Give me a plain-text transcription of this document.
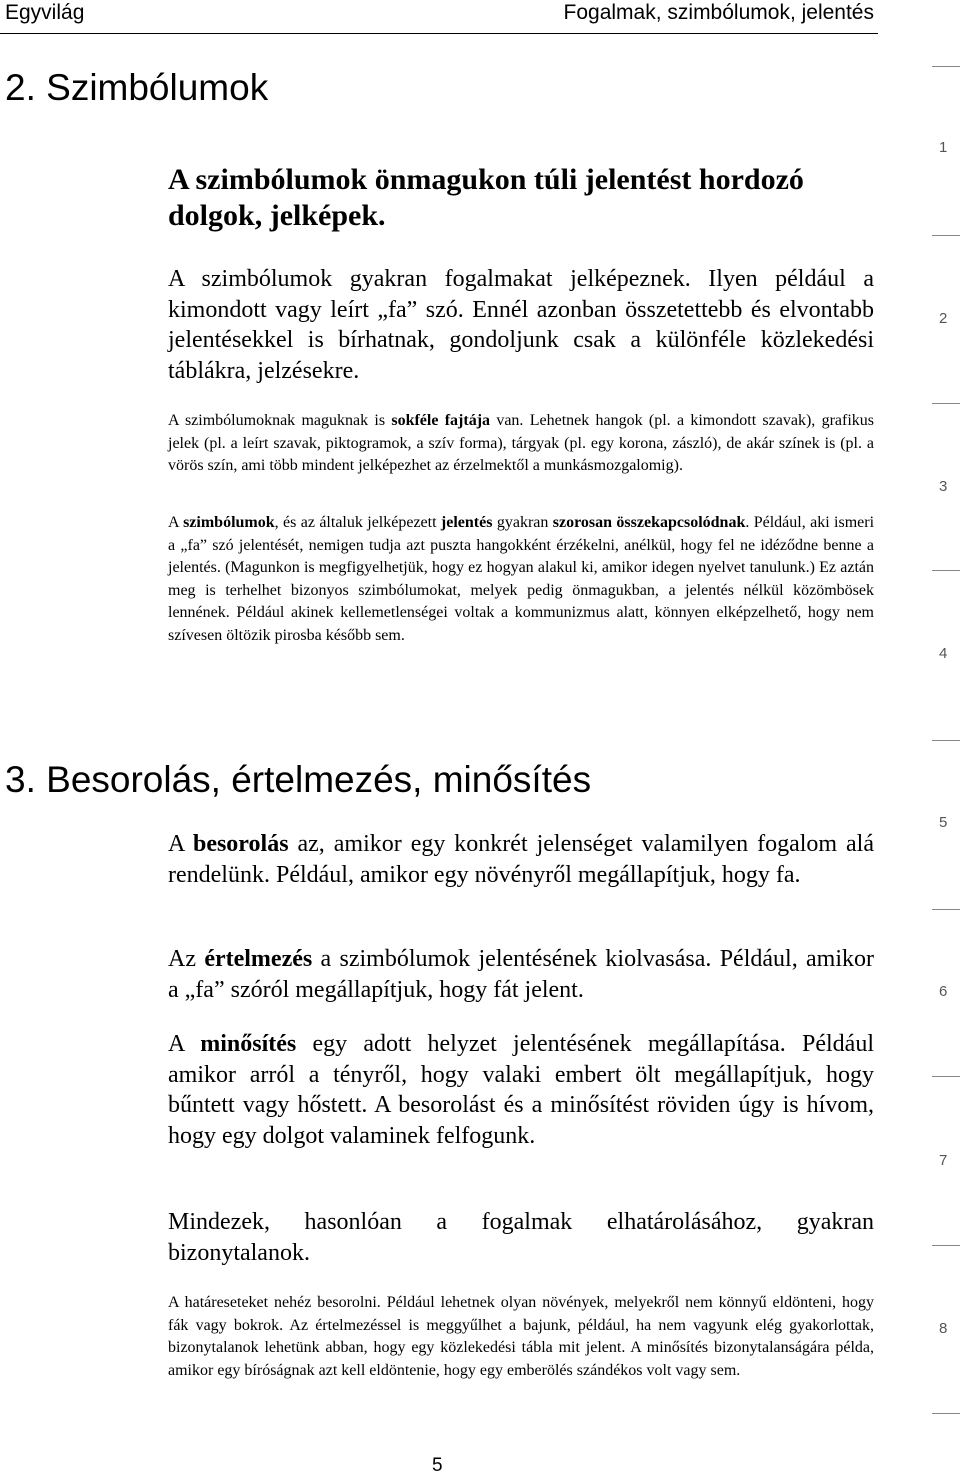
Egyvilág	Fogalmak, szimbólumok, jelentés
2. Szimbólumok

A szimbólumok önmagukon túli jelentést hordozó dolgok, jelképek.

A szimbólumok gyakran fogalmakat jelképeznek. Ilyen például a kimondott vagy leírt „fa” szó. Ennél azonban összetettebb és elvontabb jelentésekkel is bírhatnak, gondoljunk csak a különféle közlekedési táblákra, jelzésekre.

A szimbólumoknak maguknak is sokféle fajtája van. Lehetnek hangok (pl. a kimondott szavak), grafikus jelek (pl. a leírt szavak, piktogramok, a szív forma), tárgyak (pl. egy korona, zászló), de akár színek is (pl. a vörös szín, ami több mindent jelképezhet az érzelmektől a munkásmozgalomig).

A szimbólumok, és az általuk jelképezett jelentés gyakran szorosan összekapcsolódnak. Például, aki ismeri a „fa” szó jelentését, nemigen tudja azt puszta hangokként érzékelni, anélkül, hogy fel ne idéződne benne a jelentés. (Magunkon is megfigyelhetjük, hogy ez hogyan alakul ki, amikor idegen nyelvet tanulunk.) Ez aztán meg is terhelhet bizonyos szimbólumokat, melyek pedig önmagukban, a jelentés nélkül közömbösek lennének. Például akinek kellemetlenségei voltak a kommunizmus alatt, könnyen elképzelhető, hogy nem szívesen öltözik pirosba később sem.

3. Besorolás, értelmezés, minősítés

A besorolás az, amikor egy konkrét jelenséget valamilyen fogalom alá rendelünk. Például, amikor egy növényről megállapítjuk, hogy fa.

Az értelmezés a szimbólumok jelentésének kiolvasása. Például, amikor a „fa” szóról megállapítjuk, hogy fát jelent.

A minősítés egy adott helyzet jelentésének megállapítása. Például amikor arról a tényről, hogy valaki embert ölt megállapítjuk, hogy bűntett vagy hőstett. A besorolást és a minősítést röviden úgy is hívom, hogy egy dolgot valaminek felfogunk.

Mindezek, hasonlóan a fogalmak elhatárolásához, gyakran bizonytalanok.

A határeseteket nehéz besorolni. Például lehetnek olyan növények, melyekről nem könnyű eldönteni, hogy fák vagy bokrok. Az értelmezéssel is meggyűlhet a bajunk, például, ha nem vagyunk elég gyakorlottak, bizonytalanok lehetünk abban, hogy egy közlekedési tábla mit jelent. A minősítés bizonytalanságára példa, amikor egy bíróságnak azt kell eldöntenie, hogy egy emberölés szándékos volt vagy sem.

1
2
3
4
5
6
7
8
5
